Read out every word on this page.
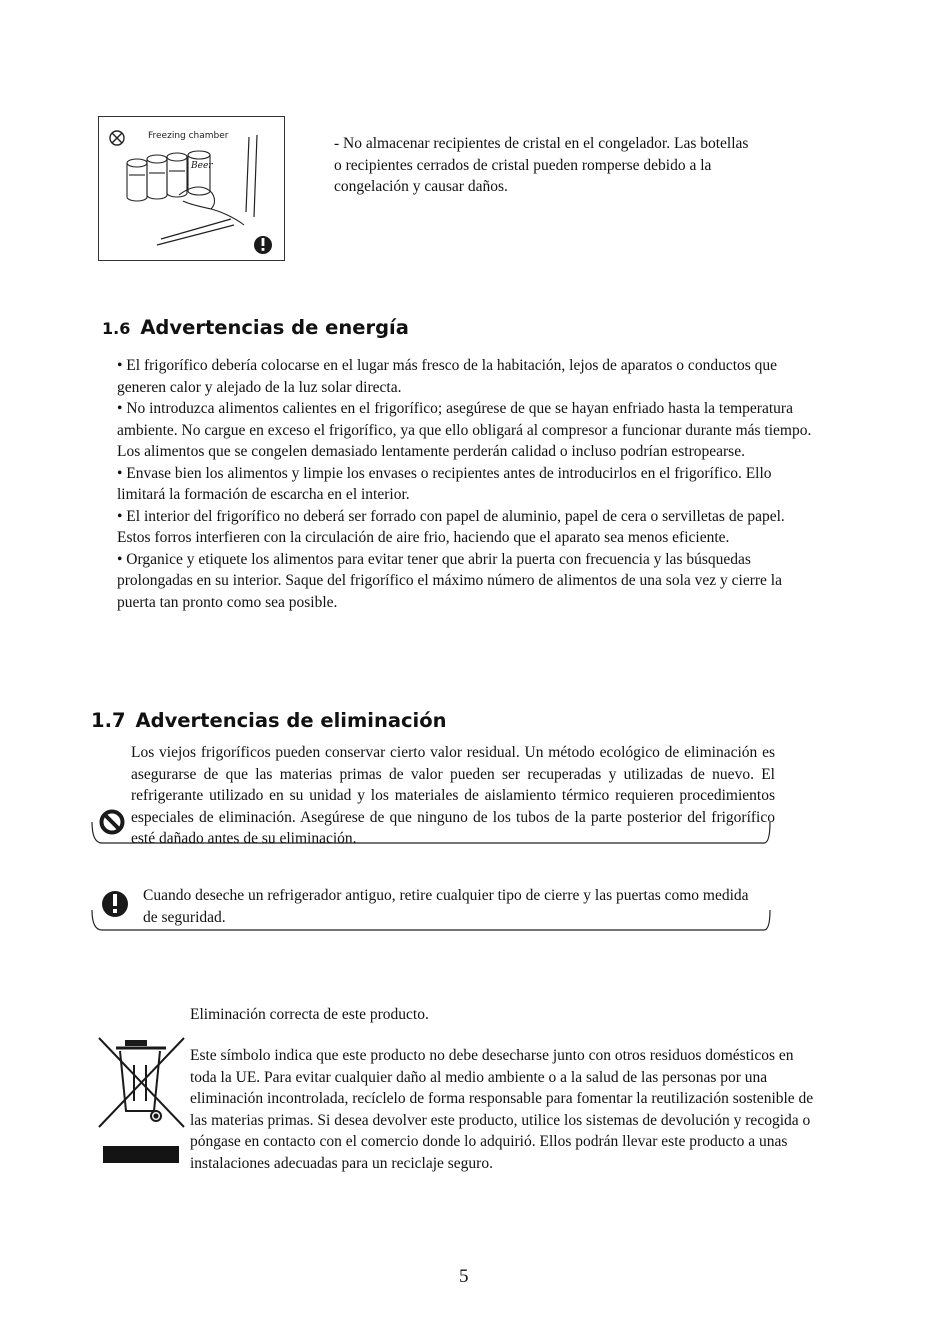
Freezing chamber
Beer
- No almacenar recipientes de cristal en el congelador. Las botellas o recipientes cerrados de cristal pueden romperse debido a la congelación y causar daños.
1.6 Advertencias de energía

• El frigorífico debería colocarse en el lugar más fresco de la habitación, lejos de aparatos o conductos que generen calor y alejado de la luz solar directa.

• No introduzca alimentos calientes en el frigorífico; asegúrese de que se hayan enfriado hasta la temperatura ambiente. No cargue en exceso el frigorífico, ya que ello obligará al compresor a funcionar durante más tiempo. Los alimentos que se congelen demasiado lentamente perderán calidad o incluso podrían estropearse.

• Envase bien los alimentos y limpie los envases o recipientes antes de introducirlos en el frigorífico. Ello limitará la formación de escarcha en el interior.

• El interior del frigorífico no deberá ser forrado con papel de aluminio, papel de cera o servilletas de papel. Estos forros interfieren con la circulación de aire frio, haciendo que el aparato sea menos eficiente.

• Organice y etiquete los alimentos para evitar tener que abrir la puerta con frecuencia y las búsquedas prolongadas en su interior. Saque del frigorífico el máximo número de alimentos de una sola vez y cierre la puerta tan pronto como sea posible.

1.7 Advertencias de eliminación

Los viejos frigoríficos pueden conservar cierto valor residual. Un método ecológico de eliminación es asegurarse de que las materias primas de valor pueden ser recuperadas y utilizadas de nuevo. El refrigerante utilizado en su unidad y los materiales de aislamiento térmico requieren procedimientos especiales de eliminación. Asegúrese de que ninguno de los tubos de la parte posterior del frigorífico esté dañado antes de su eliminación.

Cuando deseche un refrigerador antiguo, retire cualquier tipo de cierre y las puertas como medida de seguridad.
Eliminación correcta de este producto.
Este símbolo indica que este producto no debe desecharse junto con otros residuos domésticos en toda la UE. Para evitar cualquier daño al medio ambiente o a la salud de las personas por una eliminación incontrolada, recíclelo de forma responsable para fomentar la reutilización sostenible de las materias primas. Si desea devolver este producto, utilice los sistemas de devolución y recogida o póngase en contacto con el comercio donde lo adquirió. Ellos podrán llevar este producto a unas instalaciones adecuadas para un reciclaje seguro.
5
